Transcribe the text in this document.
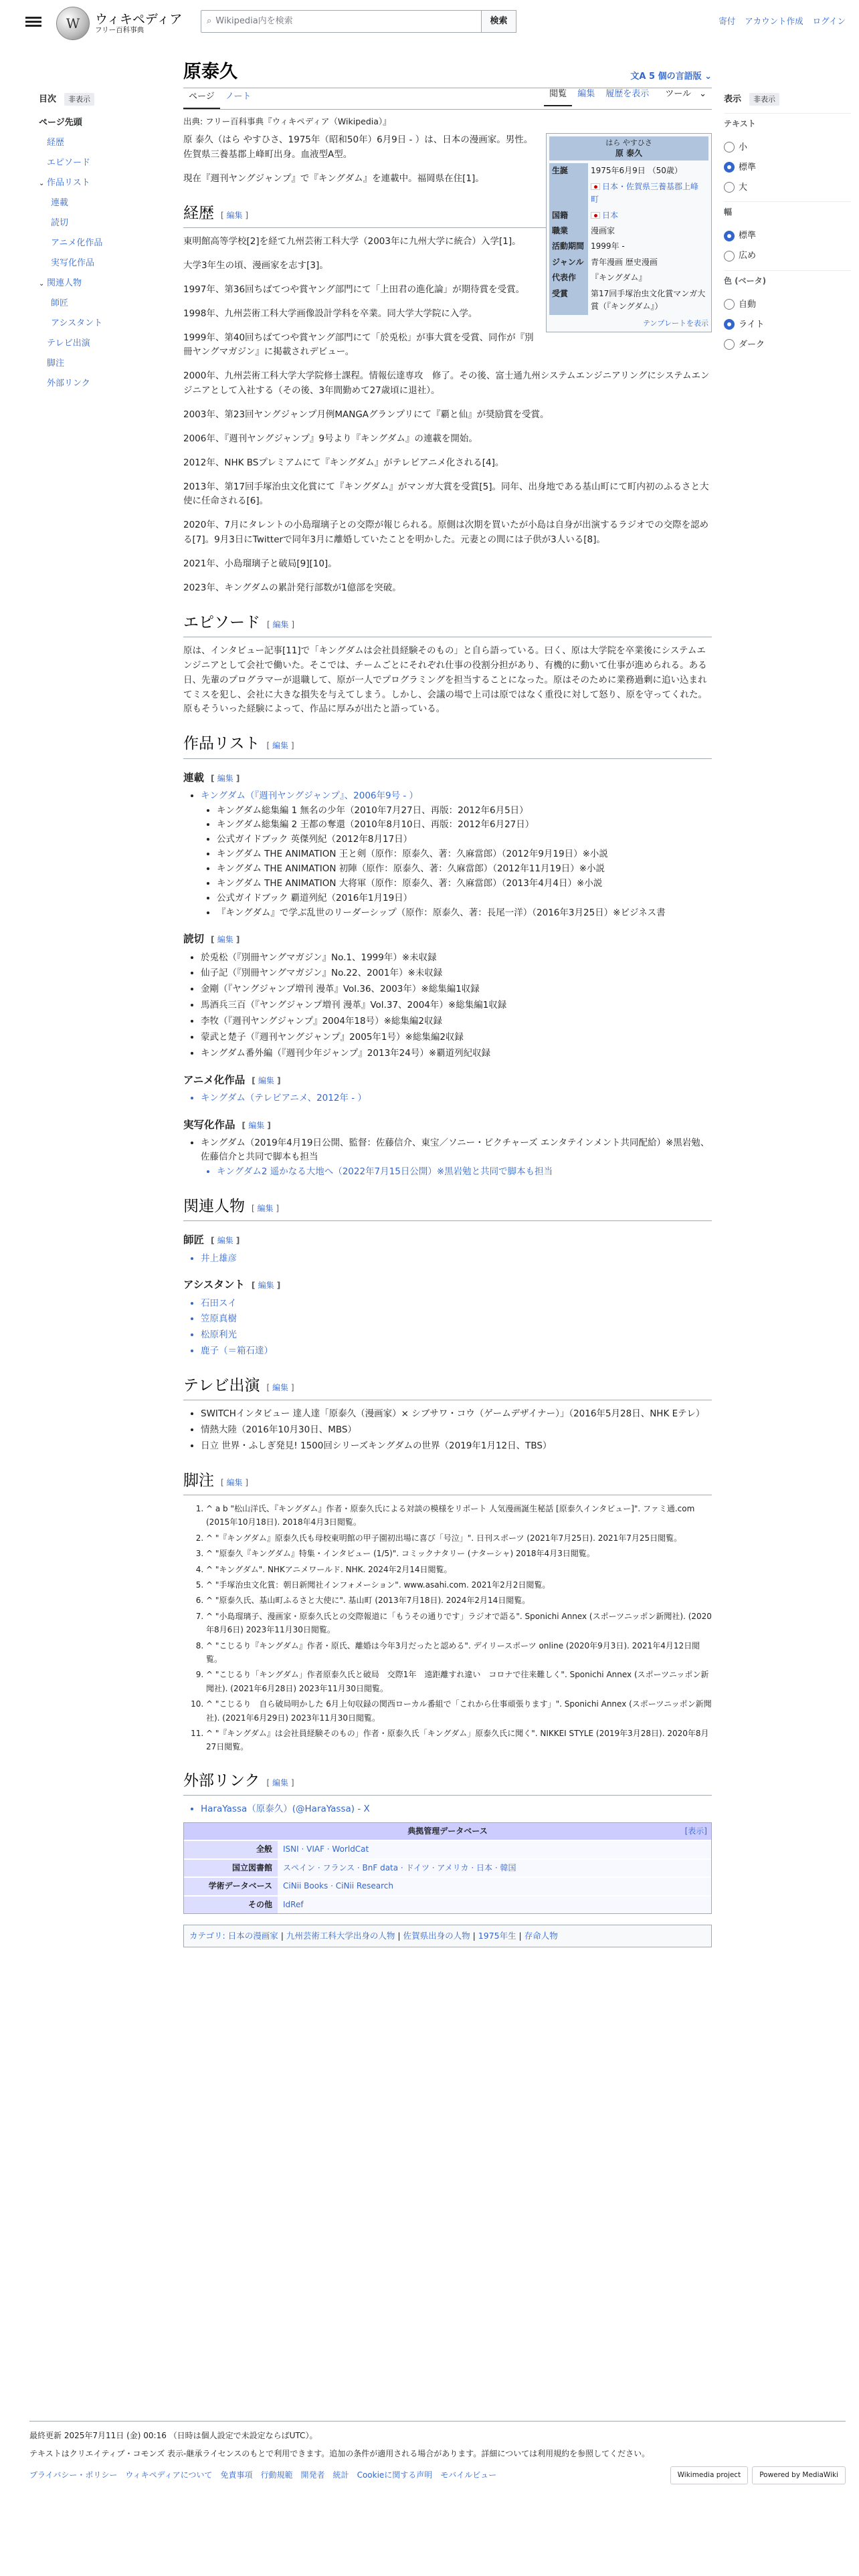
W	ウィキペディア
フリー百科事典
⌕ Wikipedia内を検索	検索	寄付 アカウント作成 ログイン
目次	非表示
ページ先頭
経歴
エピソード
⌄ 作品リスト
連載
読切
アニメ化作品
実写化作品
⌄ 関連人物
師匠
アシスタント
テレビ出演
脚注
外部リンク
原泰久	文A 5 個の言語版 ⌄
ページ ノート	閲覧 編集 履歴を表示 ツール ⌄
出典: フリー百科事典『ウィキペディア（Wikipedia）』
はら やすひさ
原 泰久
生誕	1975年6月9日 （50歳）
	日本・佐賀県三養基郡上峰町
国籍	日本
職業	漫画家
活動期間	1999年 -
ジャンル	青年漫画 歴史漫画
代表作	『キングダム』
受賞	第17回手塚治虫文化賞マンガ大賞（『キングダム』）
テンプレートを表示

原 泰久（はら やすひさ、1975年（昭和50年）6月9日 - ）は、日本の漫画家。男性。佐賀県三養基郡上峰町出身。血液型A型。

現在『週刊ヤングジャンプ』で『キングダム』を連載中。福岡県在住[1]。

経歴 [ 編集 ]

東明館高等学校[2]を経て九州芸術工科大学（2003年に九州大学に統合）入学[1]。

大学3年生の頃、漫画家を志す[3]。

1997年、第36回ちばてつや賞ヤング部門にて「上田君の進化論」が期待賞を受賞。

1998年、九州芸術工科大学画像設計学科を卒業。同大学大学院に入学。

1999年、第40回ちばてつや賞ヤング部門にて「於兎松」が事大賞を受賞、同作が『別冊ヤングマガジン』に掲載されデビュー。

2000年、九州芸術工科大学大学院修士課程。情報伝達専攻　修了。その後、富士通九州システムエンジニアリングにシステムエンジニアとして入社する（その後、3年間勤めて27歳頃に退社）。

2003年、第23回ヤングジャンプ月例MANGAグランプリにて『覇と仙』が奨励賞を受賞。

2006年、『週刊ヤングジャンプ』9号より『キングダム』の連載を開始。

2012年、NHK BSプレミアムにて『キングダム』がテレビアニメ化される[4]。

2013年、第17回手塚治虫文化賞にて『キングダム』がマンガ大賞を受賞[5]。同年、出身地である基山町にて町内初のふるさと大使に任命される[6]。

2020年、7月にタレントの小島瑠璃子との交際が報じられる。原側は次期を買いたが小島は自身が出演するラジオでの交際を認める[7]。9月3日にTwitterで同年3月に離婚していたことを明かした。元妻との間には子供が3人いる[8]。

2021年、小島瑠璃子と破局[9][10]。

2023年、キングダムの累計発行部数が1億部を突破。

エピソード [ 編集 ]

原は、インタビュー記事[11]で「キングダムは会社員経験そのもの」と自ら語っている。曰く、原は大学院を卒業後にシステムエンジニアとして会社で働いた。そこでは、チームごとにそれぞれ仕事の役割分担があり、有機的に動いて仕事が進められる。ある日、先輩のプログラマーが退職して、原が一人でプログラミングを担当することになった。原はそのために業務過剰に追い込まれてミスを犯し、会社に大きな損失を与えてしまう。しかし、会議の場で上司は原ではなく重役に対して怒り、原を守ってくれた。原もそういった経験によって、作品に厚みが出たと語っている。

作品リスト [ 編集 ]
連載 [ 編集 ]
• キングダム（『週刊ヤングジャンプ』、2006年9号 - ）
• キングダム総集編 1 無名の少年（2010年7月27日、再版：2012年6月5日）
• キングダム総集編 2 王都の奪還（2010年8月10日、再版：2012年6月27日）
• 公式ガイドブック 英傑列紀（2012年8月17日）
• キングダム THE ANIMATION 王と剣（原作：原泰久、著：久麻當郎）（2012年9月19日）※小説
• キングダム THE ANIMATION 初陣（原作：原泰久、著：久麻當郎）（2012年11月19日）※小説
• キングダム THE ANIMATION 大将軍（原作：原泰久、著：久麻當郎）（2013年4月4日）※小説
• 公式ガイドブック 覇道列紀（2016年1月19日）
• 『キングダム』で学ぶ乱世のリーダーシップ（原作：原泰久、著：長尾一洋）（2016年3月25日）※ビジネス書
読切 [ 編集 ]
• 於兎松（『別冊ヤングマガジン』No.1、1999年）※未収録
• 仙子記（『別冊ヤングマガジン』No.22、2001年）※未収録
• 金剛（『ヤングジャンプ増刊 漫革』Vol.36、2003年）※総集編1収録
• 馬酒兵三百（『ヤングジャンプ増刊 漫革』Vol.37、2004年）※総集編1収録
• 李牧（『週刊ヤングジャンプ』2004年18号）※総集編2収録
• 蒙武と楚子（『週刊ヤングジャンプ』2005年1号）※総集編2収録
• キングダム番外編（『週刊少年ジャンプ』2013年24号）※覇道列紀収録
アニメ化作品 [ 編集 ]
• キングダム（テレビアニメ、2012年 - ）
実写化作品 [ 編集 ]
• キングダム（2019年4月19日公開、監督：佐藤信介、東宝／ソニー・ピクチャーズ エンタテインメント共同配給）※黒岩勉、佐藤信介と共同で脚本も担当
• キングダム2 遥かなる大地へ（2022年7月15日公開）※黒岩勉と共同で脚本も担当
関連人物 [ 編集 ]
師匠 [ 編集 ]
• 井上雄彦
アシスタント [ 編集 ]
• 石田スイ
• 笠原真樹
• 松原利光
• 鹿子（＝箱石達）
テレビ出演 [ 編集 ]
• SWITCHインタビュー 達人達「原泰久（漫画家）× シブサワ・コウ（ゲームデザイナー）」（2016年5月28日、NHK Eテレ）
• 情熱大陸（2016年10月30日、MBS）
• 日立 世界・ふしぎ発見! 1500回シリーズキングダムの世界（2019年1月12日、TBS）
脚注 [ 編集 ]
1. ^ a b "松山洋氏、『キングダム』作者・原泰久氏による対談の模様をリポート 人気漫画誕生秘話 [原泰久インタビュー]". ファミ通.com (2015年10月18日). 2018年4月3日閲覧。
2. ^ "『キングダム』原泰久氏も母校東明館の甲子園初出場に喜び「号泣」". 日刊スポーツ (2021年7月25日). 2021年7月25日閲覧。
3. ^ "原泰久『キングダム』特集・インタビュー (1/5)". コミックナタリー (ナターシャ) 2018年4月3日閲覧。
4. ^ "キングダム". NHKアニメワールド. NHK. 2024年2月14日閲覧。
5. ^ "手塚治虫文化賞：朝日新聞社インフォメーション". www.asahi.com. 2021年2月2日閲覧。
6. ^ "原泰久氏、基山町ふるさと大使に". 基山町 (2013年7月18日). 2024年2月14日閲覧。
7. ^ "小島瑠璃子、漫画家・原泰久氏との交際報道に「もうその通りです」ラジオで語る". Sponichi Annex (スポーツニッポン新聞社). (2020年8月6日) 2023年11月30日閲覧。
8. ^ "こじるり『キングダム』作者・原氏、離婚は今年3月だったと認める". デイリースポーツ online (2020年9月3日). 2021年4月12日閲覧。
9. ^ "こじるり「キングダム」作者原泰久氏と破局　交際1年　遠距離すれ違い　コロナで往来難しく". Sponichi Annex (スポーツニッポン新聞社). (2021年6月28日) 2023年11月30日閲覧。
10. ^ "こじるり　自ら破局明かした 6月上旬収録の関西ローカル番組で「これから仕事頑張ります」". Sponichi Annex (スポーツニッポン新聞社). (2021年6月29日) 2023年11月30日閲覧。
11. ^ "『キングダム』は会社員経験そのもの」作者・原泰久氏「キングダム」原泰久氏に聞く". NIKKEI STYLE (2019年3月28日). 2020年8月27日閲覧。
外部リンク [ 編集 ]
• HaraYassa（原泰久）(@HaraYassa) - X
典拠管理データベース	[表示]
全般	ISNI · VIAF · WorldCat
国立図書館	スペイン · フランス · BnF data · ドイツ · アメリカ · 日本 · 韓国
学術データベース	CiNii Books · CiNii Research
その他	IdRef
カテゴリ: 日本の漫画家 | 九州芸術工科大学出身の人物 | 佐賀県出身の人物 | 1975年生 | 存命人物
表示	非表示
テキスト
小
標準
大
幅
標準
広め
色 (ベータ)
自動
ライト
ダーク

最終更新 2025年7月11日 (金) 00:16 （日時は個人設定で未設定ならばUTC）。

テキストはクリエイティブ・コモンズ 表示-継承ライセンスのもとで利用できます。追加の条件が適用される場合があります。詳細については利用規約を参照してください。

プライバシー・ポリシー ウィキペディアについて 免責事項 行動規範 開発者 統計 Cookieに関する声明 モバイルビュー	Wikimedia project	Powered by MediaWiki
